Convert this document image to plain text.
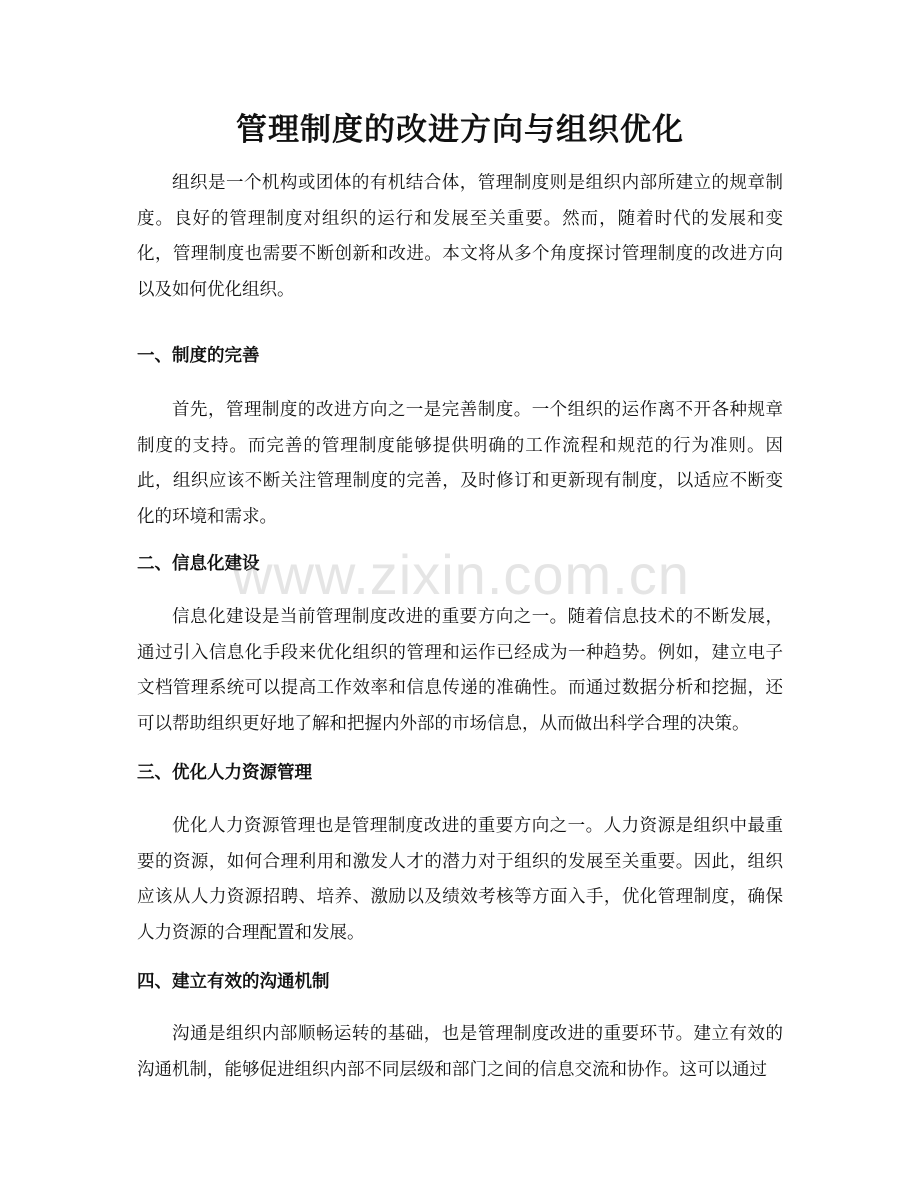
管理制度的改进方向与组织优化

组织是一个机构或团体的有机结合体，管理制度则是组织内部所建立的规章制度。良好的管理制度对组织的运行和发展至关重要。然而，随着时代的发展和变化，管理制度也需要不断创新和改进。本文将从多个角度探讨管理制度的改进方向以及如何优化组织。

一、制度的完善

首先，管理制度的改进方向之一是完善制度。一个组织的运作离不开各种规章制度的支持。而完善的管理制度能够提供明确的工作流程和规范的行为准则。因此，组织应该不断关注管理制度的完善，及时修订和更新现有制度，以适应不断变化的环境和需求。

二、信息化建设

信息化建设是当前管理制度改进的重要方向之一。随着信息技术的不断发展，通过引入信息化手段来优化组织的管理和运作已经成为一种趋势。例如，建立电子文档管理系统可以提高工作效率和信息传递的准确性。而通过数据分析和挖掘，还可以帮助组织更好地了解和把握内外部的市场信息，从而做出科学合理的决策。

三、优化人力资源管理

优化人力资源管理也是管理制度改进的重要方向之一。人力资源是组织中最重要的资源，如何合理利用和激发人才的潜力对于组织的发展至关重要。因此，组织应该从人力资源招聘、培养、激励以及绩效考核等方面入手，优化管理制度，确保人力资源的合理配置和发展。

四、建立有效的沟通机制

沟通是组织内部顺畅运转的基础，也是管理制度改进的重要环节。建立有效的沟通机制，能够促进组织内部不同层级和部门之间的信息交流和协作。这可以通过

www.zixin.com.cn
